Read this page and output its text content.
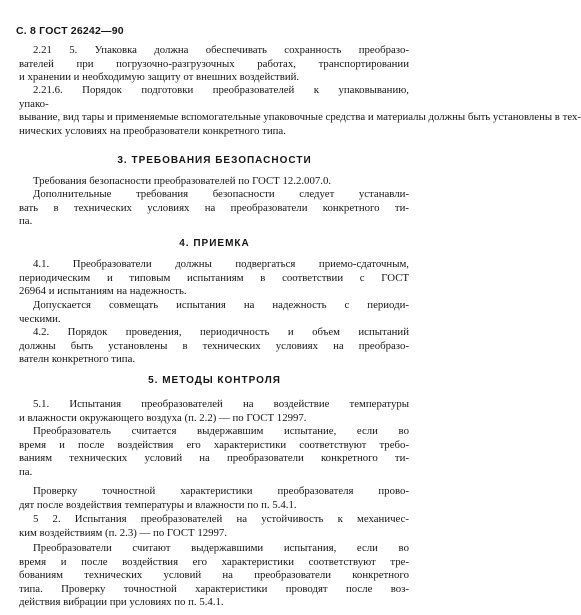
С. 8 ГОСТ 26242—90
2.21 5. Упаковка должна обеспечивать сохранность преобразо-
вателей при погрузочно-разгрузочных работах, транспортировании
и хранении и необходимую защиту от внешних воздействий.
2.21.6. Порядок подготовки преобразователей к упаковыванию,
упако-
вывание, вид тары и применяемые вспомогательные упаковочные средства и материалы должны быть установлены в тех-
нических условиях на преобразователи конкретного типа.
3. ТРЕБОВАНИЯ БЕЗОПАСНОСТИ
Требования безопасности преобразователей по ГОСТ 12.2.007.0.
Дополнительные требования безопасности следует устанавли-
вать в технических условиях на преобразователи конкретного ти-
па.
4. ПРИЕМКА
4.1. Преобразователи должны подвергаться приемо-сдаточным,
периодическим и типовым испытаниям в соответствии с ГОСТ
26964 и испытаниям на надежность.
Допускается совмещать испытания на надежность с периоди-
ческими.
4.2. Порядок проведения, периодичность и объем испытаний
должны быть установлены в технических условиях на преобразо-
вателн конкретного типа.
5. МЕТОДЫ КОНТРОЛЯ
5.1. Испытания преобразователей на воздействие температуры
и влажности окружающего воздуха (п. 2.2) — по ГОСТ 12997.
Преобразователь считается выдержавшим испытание, если во
время и после воздействия его характеристики соответствуют требо-
ваниям технических условий на преобразователи конкретного ти-
па.
Проверку точностной характеристики преобразователя прово-
дят после воздействия температуры и влажности по п. 5.4.1.
5 2. Испытания преобразователей на устойчивость к механичес-
ким воздействиям (п. 2.3) — по ГОСТ 12997.
Преобразователи считают выдержавшими испытания, если во
время и после воздействия его характеристики соответствуют тре-
бованиям технических условий на преобразователи конкретного
типа. Проверку точностной характеристики проводят после воз-
действия вибрации при условиях по п. 5.4.1.
